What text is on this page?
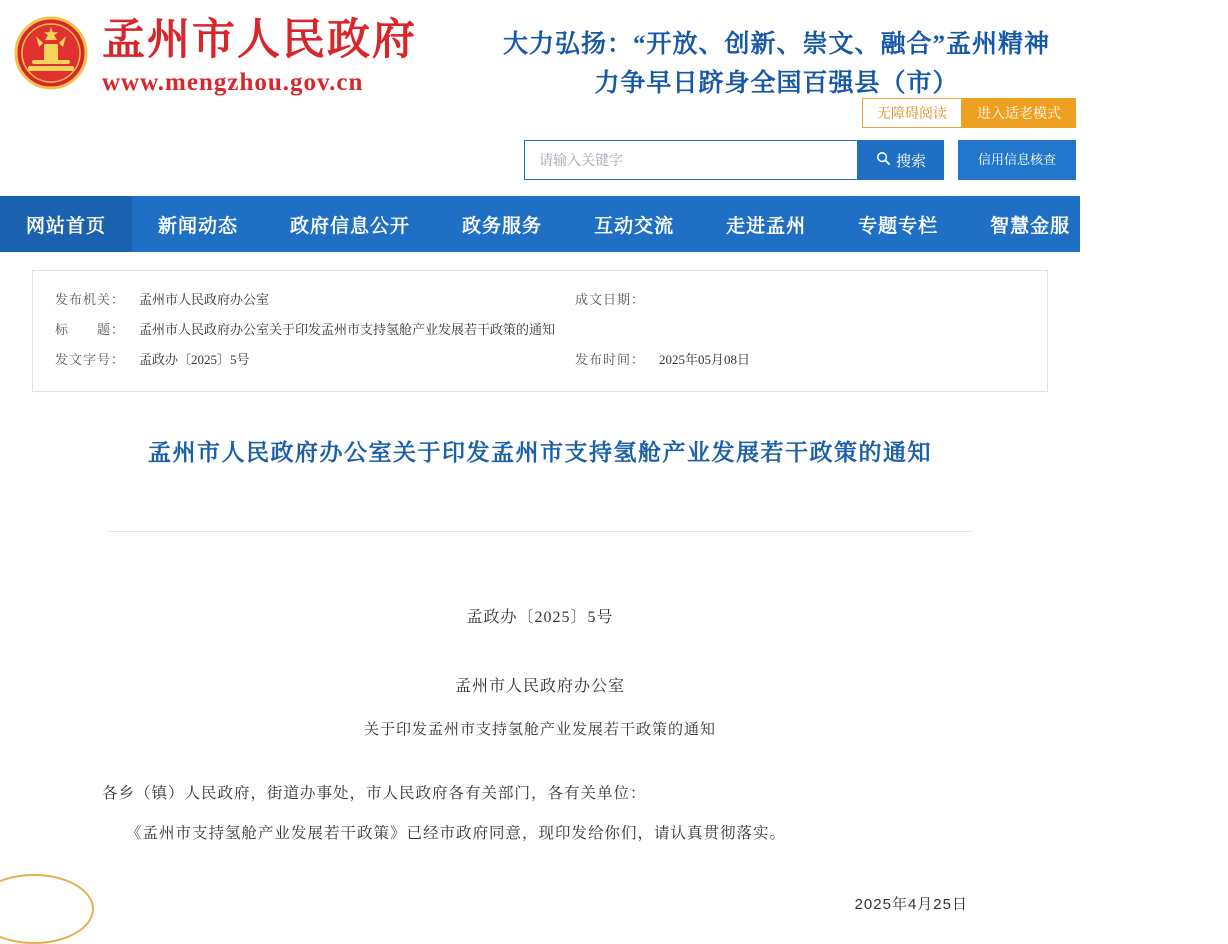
孟州市人民政府
www.mengzhou.gov.cn
大力弘扬：“开放、创新、崇文、融合”孟州精神
力争早日跻身全国百强县（市）
无障碍阅读	进入适老模式
请输入关键字
搜索	信用信息核查
网站首页	新闻动态	政府信息公开	政务服务	互动交流	走进孟州	专题专栏	智慧金服	网站地图
发布机关：	孟州市人民政府办公室	成文日期：
标　　题：	孟州市人民政府办公室关于印发孟州市支持氢舱产业发展若干政策的通知
发文字号：	孟政办〔2025〕5号	发布时间：	2025年05月08日
孟州市人民政府办公室关于印发孟州市支持氢舱产业发展若干政策的通知
孟政办〔2025〕5号
孟州市人民政府办公室
关于印发孟州市支持氢舱产业发展若干政策的通知
各乡（镇）人民政府，街道办事处，市人民政府各有关部门，各有关单位：
《孟州市支持氢舱产业发展若干政策》已经市政府同意，现印发给你们，请认真贯彻落实。
2025年4月25日
